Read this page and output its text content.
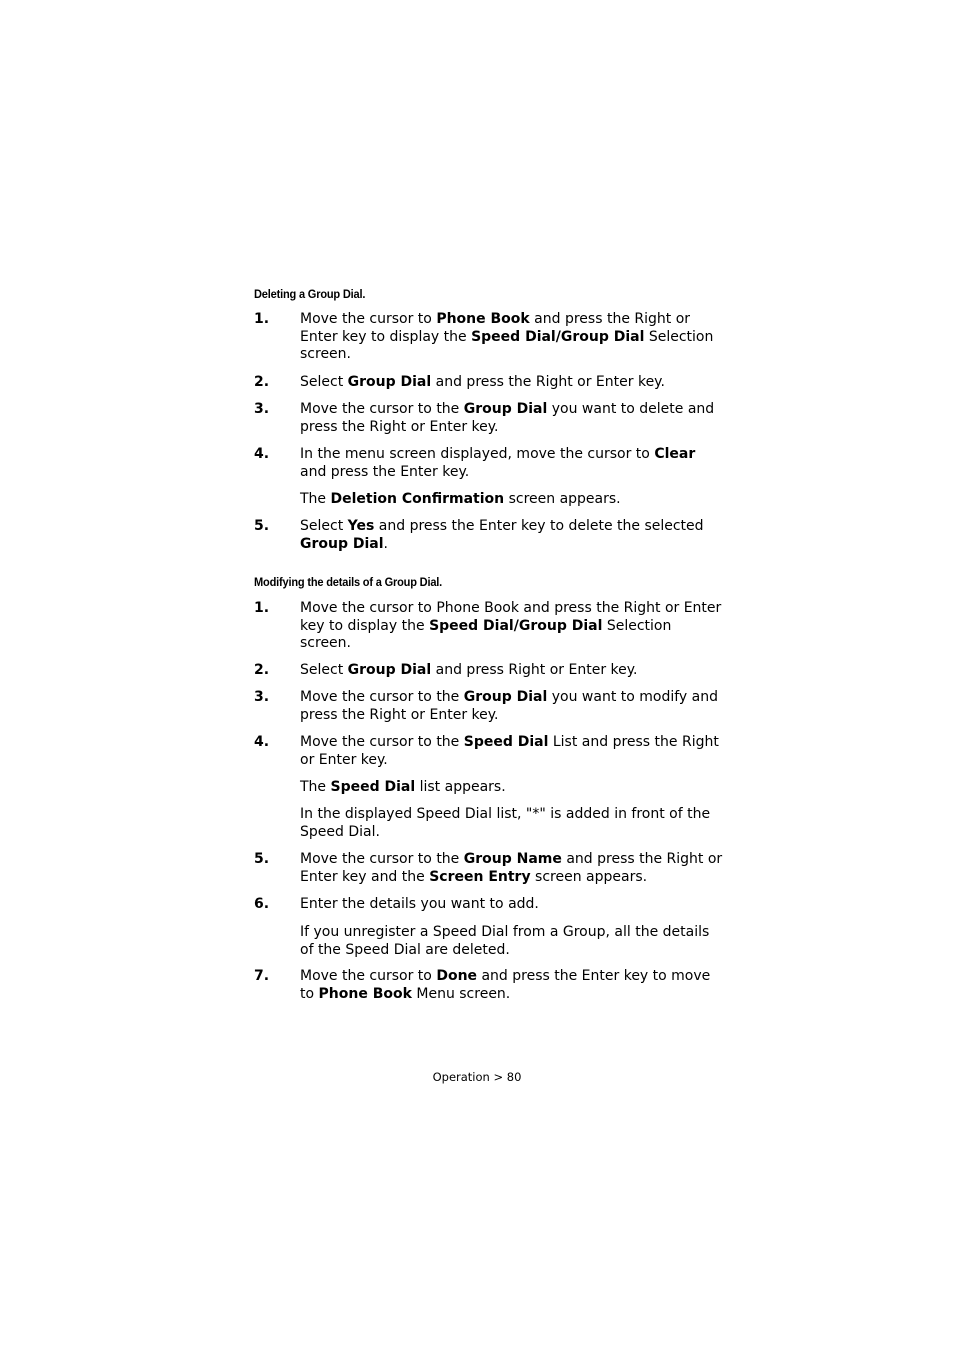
Deleting a Group Dial.
1. Move the cursor to Phone Book and press the Right or Enter key to display the Speed Dial/Group Dial Selection screen.
2. Select Group Dial and press the Right or Enter key.
3. Move the cursor to the Group Dial you want to delete and press the Right or Enter key.
4. In the menu screen displayed, move the cursor to Clear and press the Enter key.
The Deletion Confirmation screen appears.
5. Select Yes and press the Enter key to delete the selected Group Dial.
Modifying the details of a Group Dial.
1. Move the cursor to Phone Book and press the Right or Enter key to display the Speed Dial/Group Dial Selection screen.
2. Select Group Dial and press Right or Enter key.
3. Move the cursor to the Group Dial you want to modify and press the Right or Enter key.
4. Move the cursor to the Speed Dial List and press the Right or Enter key.
The Speed Dial list appears.
In the displayed Speed Dial list, "*" is added in front of the Speed Dial.
5. Move the cursor to the Group Name and press the Right or Enter key and the Screen Entry screen appears.
6. Enter the details you want to add.
If you unregister a Speed Dial from a Group, all the details of the Speed Dial are deleted.
7. Move the cursor to Done and press the Enter key to move to Phone Book Menu screen.
Operation > 80
